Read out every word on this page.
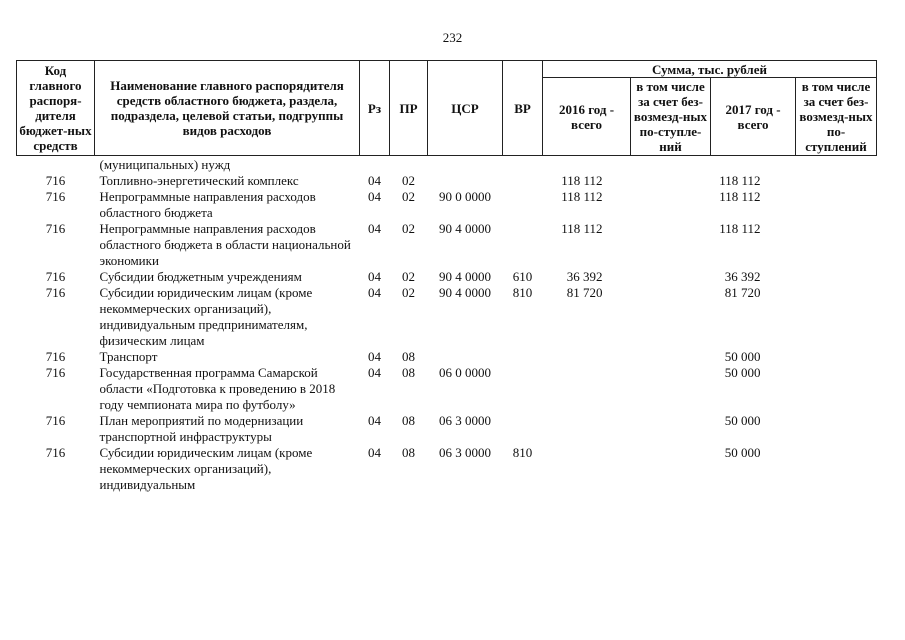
232
Код главного распоря-дителя бюджет-ных средств	Наименование главного распорядителя средств областного бюджета, раздела, подраздела, целевой статьи, подгруппы видов расходов	Рз	ПР	ЦСР	ВР	Сумма, тыс. рублей			
						2016 год - всего	в том числе за счет без-возмезд-ных по-ступле-ний	2017 год - всего	в том числе за счет без-возмезд-ных по-ступлений
	(муниципальных) нужд								
716	Топливно-энергетический комплекс	04	02			118 112		118 112	
716	Непрограммные направления расходов областного бюджета	04	02	90 0 0000		118 112		118 112	
716	Непрограммные направления расходов областного бюджета в области национальной экономики	04	02	90 4 0000		118 112		118 112	
716	Субсидии бюджетным учреждениям	04	02	90 4 0000	610	36 392		36 392	
716	Субсидии юридическим лицам (кроме некоммерческих организаций), индивидуальным предпринимателям, физическим лицам	04	02	90 4 0000	810	81 720		81 720	
716	Транспорт	04	08					50 000	
716	Государственная программа Самарской области «Подготовка к проведению в 2018 году чемпионата мира по футболу»	04	08	06 0 0000				50 000	
716	План мероприятий по модернизации транспортной инфраструктуры	04	08	06 3 0000				50 000	
716	Субсидии юридическим лицам (кроме некоммерческих организаций), индивидуальным	04	08	06 3 0000	810			50 000	
